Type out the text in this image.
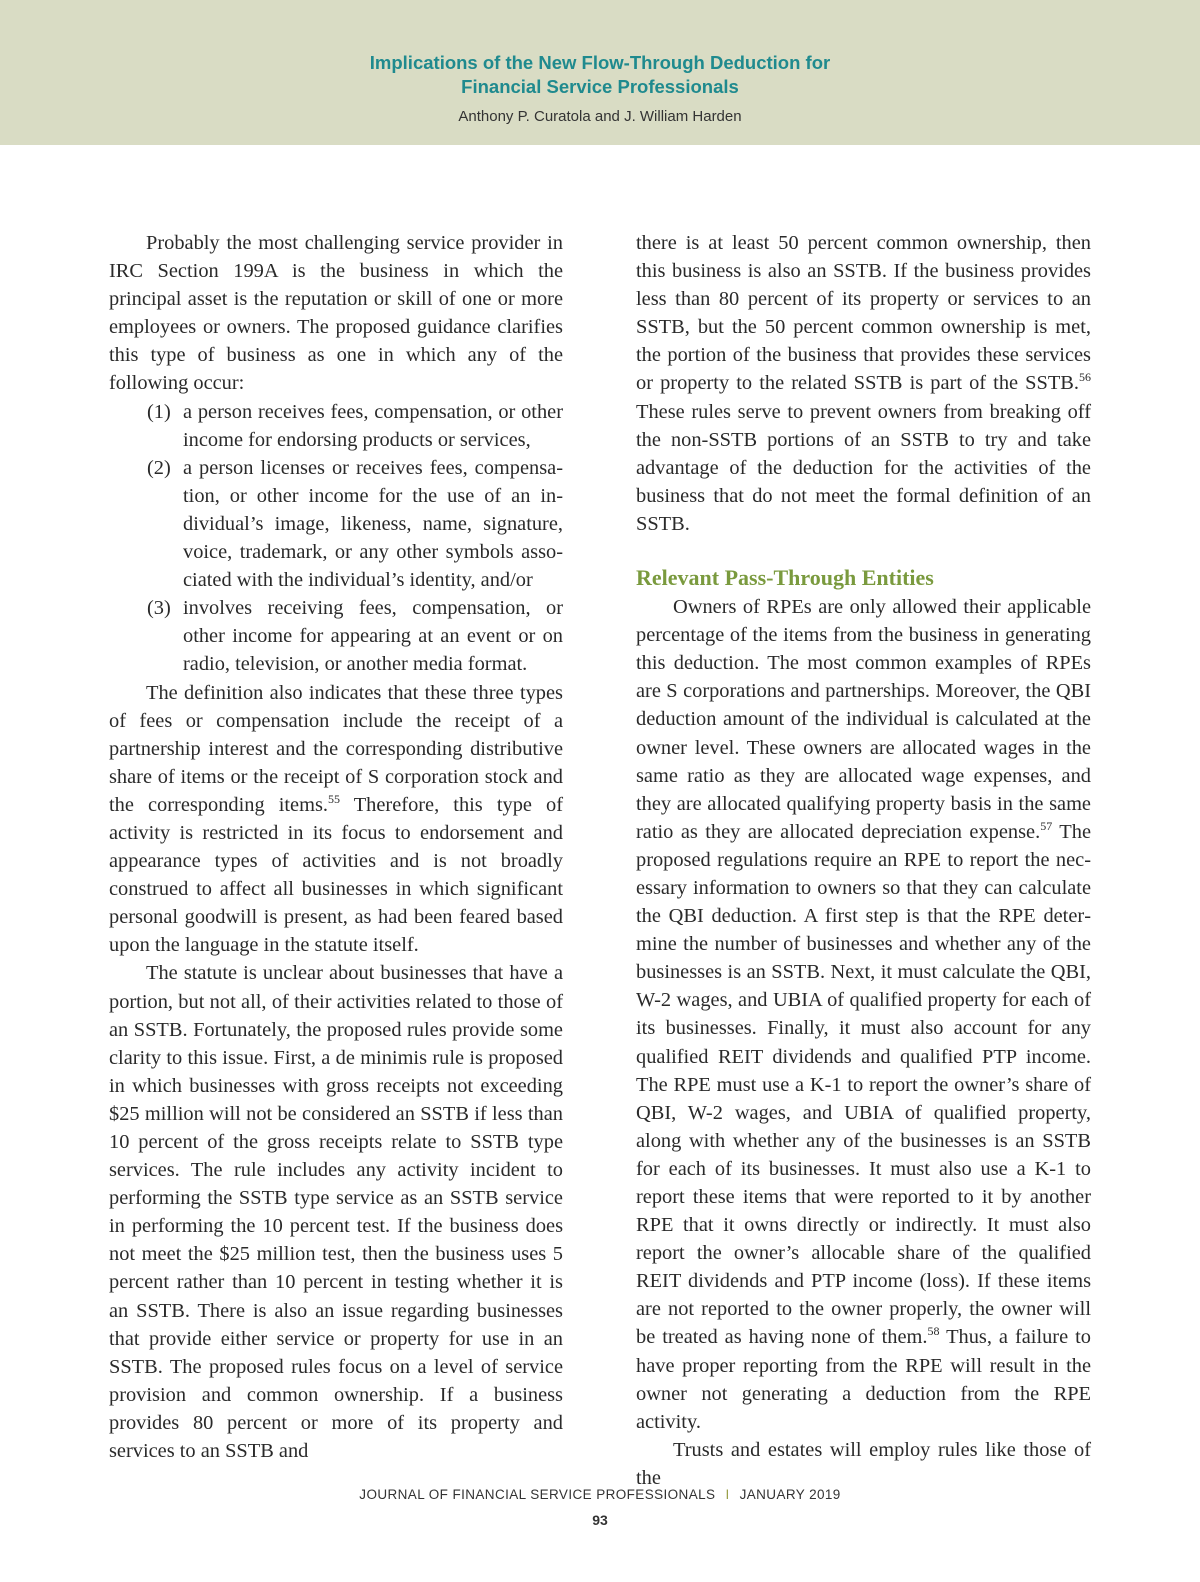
Implications of the New Flow-Through Deduction for
Financial Service Professionals
Anthony P. Curatola and J. William Harden

Probably the most challenging service provider in IRC Section 199A is the business in which the principal asset is the reputation or skill of one or more employees or owners. The proposed guidance clarifies this type of business as one in which any of the following occur:

(1) a person receives fees, compensation, or other income for endorsing products or services,
(2) a person licenses or receives fees, compensation, or other income for the use of an individual’s image, likeness, name, signature, voice, trademark, or any other symbols associated with the individual’s identity, and/or
(3) involves receiving fees, compensation, or other income for appearing at an event or on radio, television, or another media format.

The definition also indicates that these three types of fees or compensation include the receipt of a partnership interest and the corresponding distributive share of items or the receipt of S corporation stock and the corresponding items.$^{55}$ Therefore, this type of activity is restricted in its focus to endorsement and appearance types of activities and is not broadly construed to affect all businesses in which significant personal goodwill is present, as had been feared based upon the language in the statute itself.

The statute is unclear about businesses that have a portion, but not all, of their activities related to those of an SSTB. Fortunately, the proposed rules provide some clarity to this issue. First, a de minimis rule is proposed in which businesses with gross receipts not exceeding $25 million will not be considered an SSTB if less than 10 percent of the gross receipts relate to SSTB type services. The rule includes any activity incident to performing the SSTB type service as an SSTB service in performing the 10 percent test. If the business does not meet the $25 million test, then the business uses 5 percent rather than 10 percent in testing whether it is an SSTB. There is also an issue regarding businesses that provide either service or property for use in an SSTB. The proposed rules focus on a level of service provision and common ownership. If a business provides 80 percent or more of its property and services to an SSTB and

there is at least 50 percent common ownership, then this business is also an SSTB. If the business provides less than 80 percent of its property or services to an SSTB, but the 50 percent common ownership is met, the portion of the business that provides these services or property to the related SSTB is part of the SSTB.$^{56}$ These rules serve to prevent owners from breaking off the non-SSTB portions of an SSTB to try and take advantage of the deduction for the activities of the business that do not meet the formal definition of an SSTB.

Relevant Pass-Through Entities

Owners of RPEs are only allowed their applicable percentage of the items from the business in generating this deduction. The most common examples of RPEs are S corporations and partnerships. Moreover, the QBI deduction amount of the individual is calculated at the owner level. These owners are allocated wages in the same ratio as they are allocated wage expenses, and they are allocated qualifying property basis in the same ratio as they are allocated depreciation expense.$^{57}$ The proposed regulations require an RPE to report the necessary information to owners so that they can calculate the QBI deduction. A first step is that the RPE determine the number of businesses and whether any of the businesses is an SSTB. Next, it must calculate the QBI, W-2 wages, and UBIA of qualified property for each of its businesses. Finally, it must also account for any qualified REIT dividends and qualified PTP income. The RPE must use a K-1 to report the owner’s share of QBI, W-2 wages, and UBIA of qualified property, along with whether any of the businesses is an SSTB for each of its businesses. It must also use a K-1 to report these items that were reported to it by another RPE that it owns directly or indirectly. It must also report the owner’s allocable share of the qualified REIT dividends and PTP income (loss). If these items are not reported to the owner properly, the owner will be treated as having none of them.$^{58}$ Thus, a failure to have proper reporting from the RPE will result in the owner not generating a deduction from the RPE activity.

Trusts and estates will employ rules like those of the

JOURNAL OF FINANCIAL SERVICE PROFESSIONALS I JANUARY 2019
93
